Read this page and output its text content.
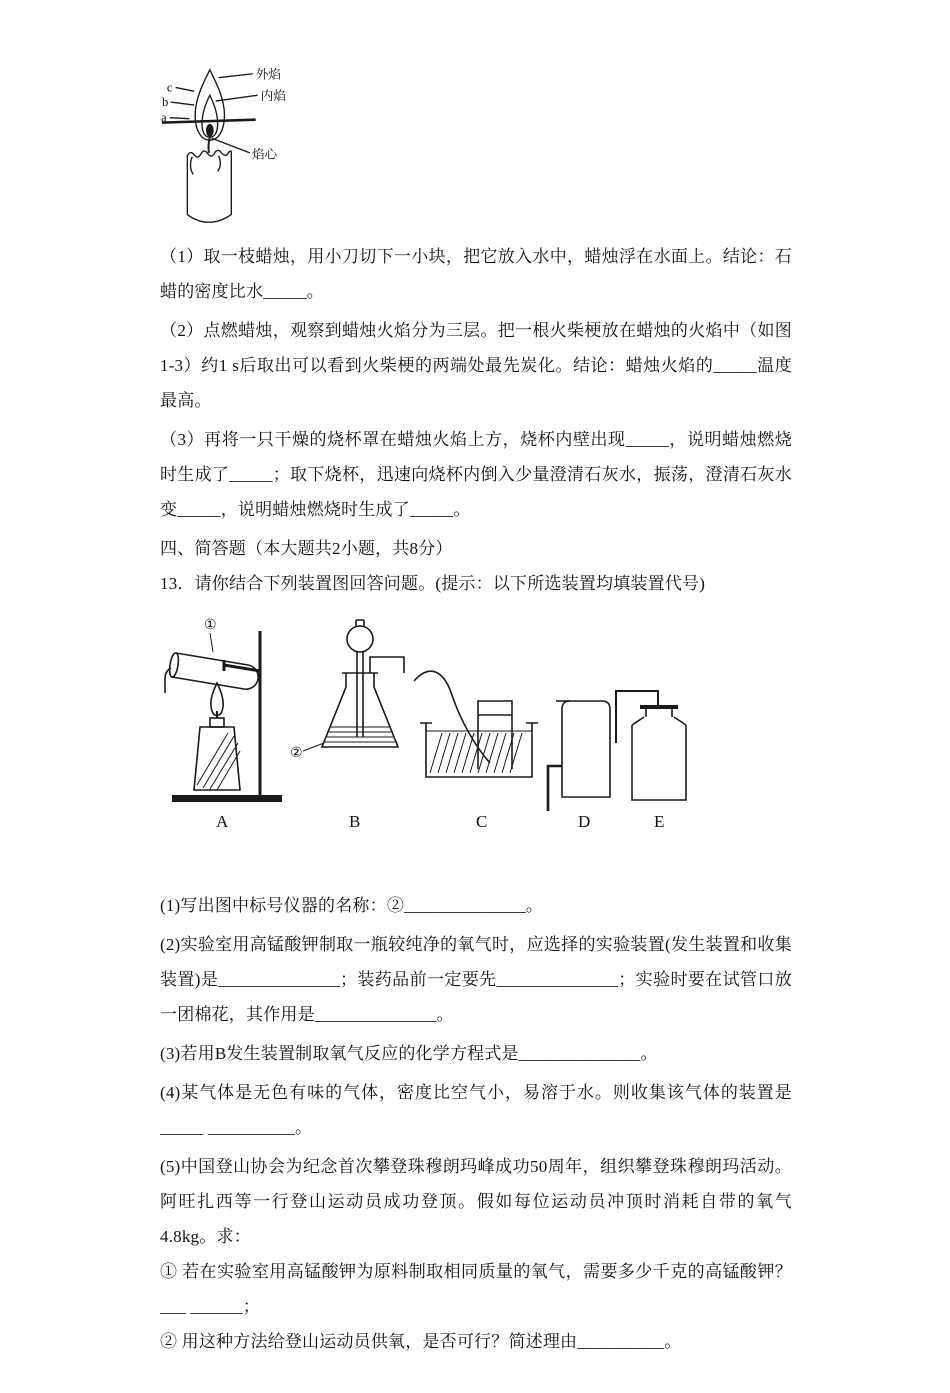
外焰
内焰
焰心
c
b
a

（1）取一枝蜡烛，用小刀切下一小块，把它放入水中，蜡烛浮在水面上。结论：石蜡的密度比水_____。

（2）点燃蜡烛，观察到蜡烛火焰分为三层。把一根火柴梗放在蜡烛的火焰中（如图1-3）约1 s后取出可以看到火柴梗的两端处最先炭化。结论：蜡烛火焰的_____温度最高。

（3）再将一只干燥的烧杯罩在蜡烛火焰上方，烧杯内壁出现_____，说明蜡烛燃烧时生成了_____；取下烧杯，迅速向烧杯内倒入少量澄清石灰水，振荡，澄清石灰水变_____，说明蜡烛燃烧时生成了_____。

四、简答题（本大题共2小题，共8分）

13．请你结合下列装置图回答问题。(提示：以下所选装置均填装置代号)

①
②
A	B	C	D	E

(1)写出图中标号仪器的名称：②______________。

(2)实验室用高锰酸钾制取一瓶较纯净的氧气时，应选择的实验装置(发生装置和收集装置)是______________；装药品前一定要先______________；实验时要在试管口放一团棉花，其作用是______________。

(3)若用B发生装置制取氧气反应的化学方程式是______________。

(4)某气体是无色有味的气体，密度比空气小，易溶于水。则收集该气体的装置是_____ __________。

(5)中国登山协会为纪念首次攀登珠穆朗玛峰成功50周年，组织攀登珠穆朗玛活动。阿旺扎西等一行登山运动员成功登顶。假如每位运动员冲顶时消耗自带的氧气4.8kg。求：

① 若在实验室用高锰酸钾为原料制取相同质量的氧气，需要多少千克的高锰酸钾？___ ______；

② 用这种方法给登山运动员供氧，是否可行？简述理由__________。
